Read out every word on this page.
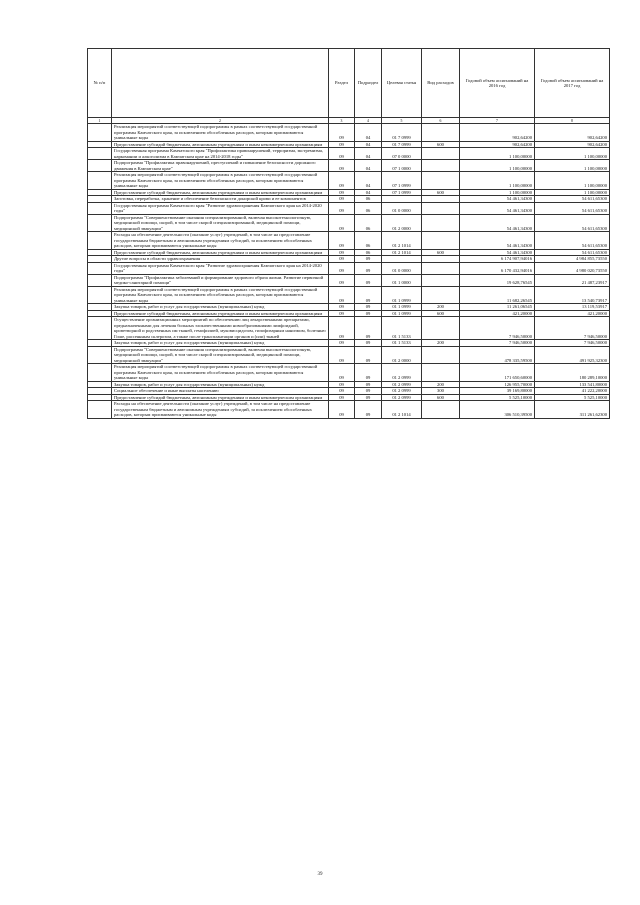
№ п/п		Раздел	Подраздел	Целевая статья	Вид расходов	Годовой объем ассигнований на 2016 год	Годовой объем ассигнований на 2017 год
1	2	3	4	5	6	7	8
	Реализация мероприятий соответствующей подпрограммы в рамках соответствующей государственной программы Камчатского края, за исключением обособленных расходов, которым присваиваются уникальные коды	09	04	01 7 0999		902,64200	902,64200
	Предоставление субсидий бюджетным, автономным учреждениям и иным некоммерческим организациям	09	04	01 7 0999	600	902,64200	902,64200
	Государственная программа Камчатского края "Профилактика правонарушений, терроризма, экстремизма, наркомании и алкоголизма в Камчатском крае на 2014-2018 годы"	09	04	07 0 0000		1 100,00000	1 100,00000
	Подпрограмма "Профилактика правонарушений, преступлений и повышение безопасности дорожного движения в Камчатском крае"	09	04	07 1 0000		1 100,00000	1 100,00000
	Реализация мероприятий соответствующей подпрограммы в рамках соответствующей государственной программы Камчатского края, за исключением обособленных расходов, которым присваиваются уникальные коды	09	04	07 1 0999		1 100,00000	1 100,00000
	Предоставление субсидий бюджетным, автономным учреждениям и иным некоммерческим организациям	09	04	07 1 0999	600	1 100,00000	1 100,00000
	Заготовка, переработка, хранение и обеспечение безопасности донорской крови и ее компонентов	09	06			54 461,34300	54 611,65300
	Государственная программа Камчатского края "Развитие здравоохранения Камчатского края на 2014-2020 годы"	09	06	01 0 0000		54 461,34300	54 611,65300
	Подпрограмма "Совершенствование оказания специализированной, включая высокотехнологичную, медицинской помощи, скорой, в том числе скорой специализированной, медицинской помощи, медицинской эвакуации"	09	06	01 2 0000		54 461,34300	54 611,65300
	Расходы на обеспечение деятельности (оказание услуг) учреждений, в том числе на предоставление государственным бюджетным и автономным учреждениям субсидий, за исключением обособленных расходов, которым присваиваются уникальные коды	09	06	01 2 1014		54 461,34300	54 611,65300
	Предоставление субсидий бюджетным, автономным учреждениям и иным некоммерческим организациям	09	06	01 2 1014	600	54 461,34300	54 611,65300
	Другие вопросы в области здравоохранения	09	09			6 174 907,94016	4 984 855,73550
	Государственная программа Камчатского края "Развитие здравоохранения Камчатского края на 2014-2020 годы"	09	09	01 0 0000		6 170 432,94016	4 980 020,73550
	Подпрограмма "Профилактика заболеваний и формирование здорового образа жизни. Развитие первичной медико-санитарной помощи"	09	09	01 1 0000		19 628,76545	21 487,23917
	Реализация мероприятий соответствующей подпрограммы в рамках соответствующей государственной программы Камчатского края, за исключением обособленных расходов, которым присваиваются уникальные коды	09	09	01 1 0999		11 682,26545	13 540,73917
	Закупка товаров, работ и услуг для государственных (муниципальных) нужд	09	09	01 1 0999	200	11 261,06545	13 119,53917
	Предоставление субсидий бюджетным, автономным учреждениям и иным некоммерческим организациям	09	09	01 1 0999	600	421,20000	421,20000
	Осуществление организационных мероприятий по обеспечению лиц лекарственными препаратами, предназначенными для лечения больных злокачественными новообразованиями лимфоидной, кроветворной и родственных им тканей, гемофилией, муковисцидозом, гипофизарным нанизмом, болезнью Гоше, рассеянным склерозом, а также после трансплантации органов и (или) тканей	09	09	01 1 5133		7 946,50000	7 946,50000
	Закупка товаров, работ и услуг для государственных (муниципальных) нужд	09	09	01 1 5133	200	7 946,50000	7 946,50000
	Подпрограмма "Совершенствование оказания специализированной, включая высокотехнологичную, медицинской помощи, скорой, в том числе скорой специализированной, медицинской помощи, медицинской эвакуации"	09	09	01 2 0000		478 335,59500	491 925,32300
	Реализация мероприятий соответствующей подпрограммы в рамках соответствующей государственной программы Камчатского края, за исключением обособленных расходов, которым присваиваются уникальные коды	09	09	01 2 0999		171 650,60000	180 289,10000
	Закупка товаров, работ и услуг для государственных (муниципальных) нужд	09	09	01 2 0999	200	126 955,70000	133 541,80000
	Социальное обеспечение и иные выплаты населению	09	09	01 2 0999	300	39 169,80000	41 222,20000
	Предоставление субсидий бюджетным, автономным учреждениям и иным некоммерческим организациям	09	09	01 2 0999	600	5 525,10000	5 525,10000
	Расходы на обеспечение деятельности (оказание услуг) учреждений, в том числе на предоставление государственным бюджетным и автономным учреждениям субсидий, за исключением обособленных расходов, которым присваиваются уникальные коды	09	09	01 2 1014		306 510,39500	311 261,62300
39
